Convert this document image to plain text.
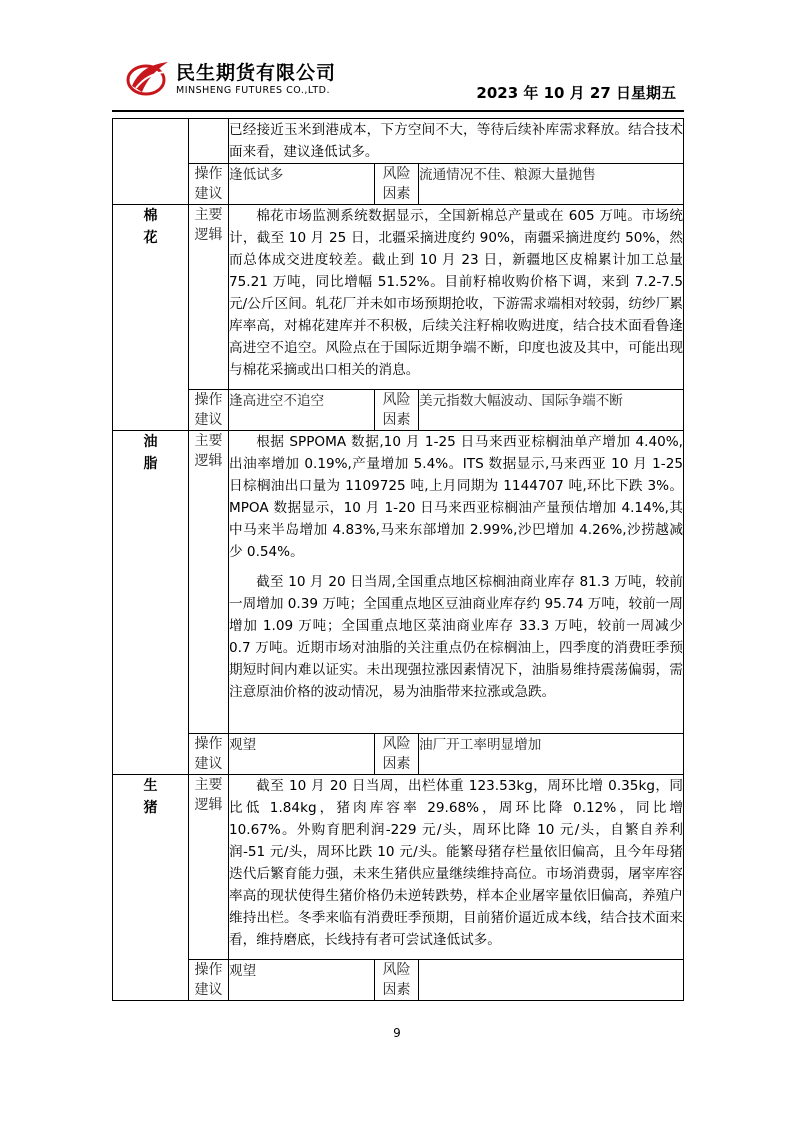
民生期货有限公司
MINSHENG FUTURES CO.,LTD.	2023 年 10 月 27 日星期五

		已经接近玉米到港成本，下方空间不大，等待后续补库需求释放。结合技术面来看，建议逢低试多。		

	操作建议	逢低试多	风险因素	流通情况不佳、粮源大量抛售
棉花	主要逻辑	棉花市场监测系统数据显示，全国新棉总产量或在 605 万吨。市场统计，截至 10 月 25 日，北疆采摘进度约 90%，南疆采摘进度约 50%，然而总体成交进度较差。截止到 10 月 23 日，新疆地区皮棉累计加工总量 75.21 万吨，同比增幅 51.52%。目前籽棉收购价格下调，来到 7.2-7.5 元/公斤区间。轧花厂并未如市场预期抢收，下游需求端相对较弱，纺纱厂累库率高，对棉花建库并不积极，后续关注籽棉收购进度，结合技术面看鲁逢高进空不追空。风险点在于国际近期争端不断，印度也波及其中，可能出现与棉花采摘或出口相关的消息。		

	操作建议	逢高进空不追空	风险因素	美元指数大幅波动、国际争端不断
油脂	主要逻辑	根据 SPPOMA 数据,10 月 1-25 日马来西亚棕榈油单产增加 4.40%,出油率增加 0.19%,产量增加 5.4%。ITS 数据显示,马来西亚 10 月 1-25 日棕榈油出口量为 1109725 吨,上月同期为 1144707 吨,环比下跌 3%。MPOA 数据显示，10 月 1-20 日马来西亚棕榈油产量预估增加 4.14%,其中马来半岛增加 4.83%,马来东部增加 2.99%,沙巴增加 4.26%,沙捞越减少 0.54%。

截至 10 月 20 日当周,全国重点地区棕榈油商业库存 81.3 万吨，较前一周增加 0.39 万吨；全国重点地区豆油商业库存约 95.74 万吨，较前一周增加 1.09 万吨；全国重点地区菜油商业库存 33.3 万吨，较前一周减少 0.7 万吨。近期市场对油脂的关注重点仍在棕榈油上，四季度的消费旺季预期短时间内难以证实。未出现强拉涨因素情况下，油脂易维持震荡偏弱，需注意原油价格的波动情况，易为油脂带来拉涨或急跌。		

	操作建议	观望	风险因素	油厂开工率明显增加
生猪	主要逻辑	截至 10 月 20 日当周，出栏体重 123.53kg，周环比增 0.35kg，同比低 1.84kg，猪肉库容率 29.68%，周环比降 0.12%，同比增 10.67%。外购育肥利润-229 元/头，周环比降 10 元/头，自繁自养利润-51 元/头，周环比跌 10 元/头。能繁母猪存栏量依旧偏高，且今年母猪迭代后繁育能力强，未来生猪供应量继续维持高位。市场消费弱，屠宰库容率高的现状使得生猪价格仍未逆转跌势，样本企业屠宰量依旧偏高，养殖户维持出栏。冬季来临有消费旺季预期，目前猪价逼近成本线，结合技术面来看，维持磨底，长线持有者可尝试逢低试多。		

	操作建议	观望	风险因素	
9
